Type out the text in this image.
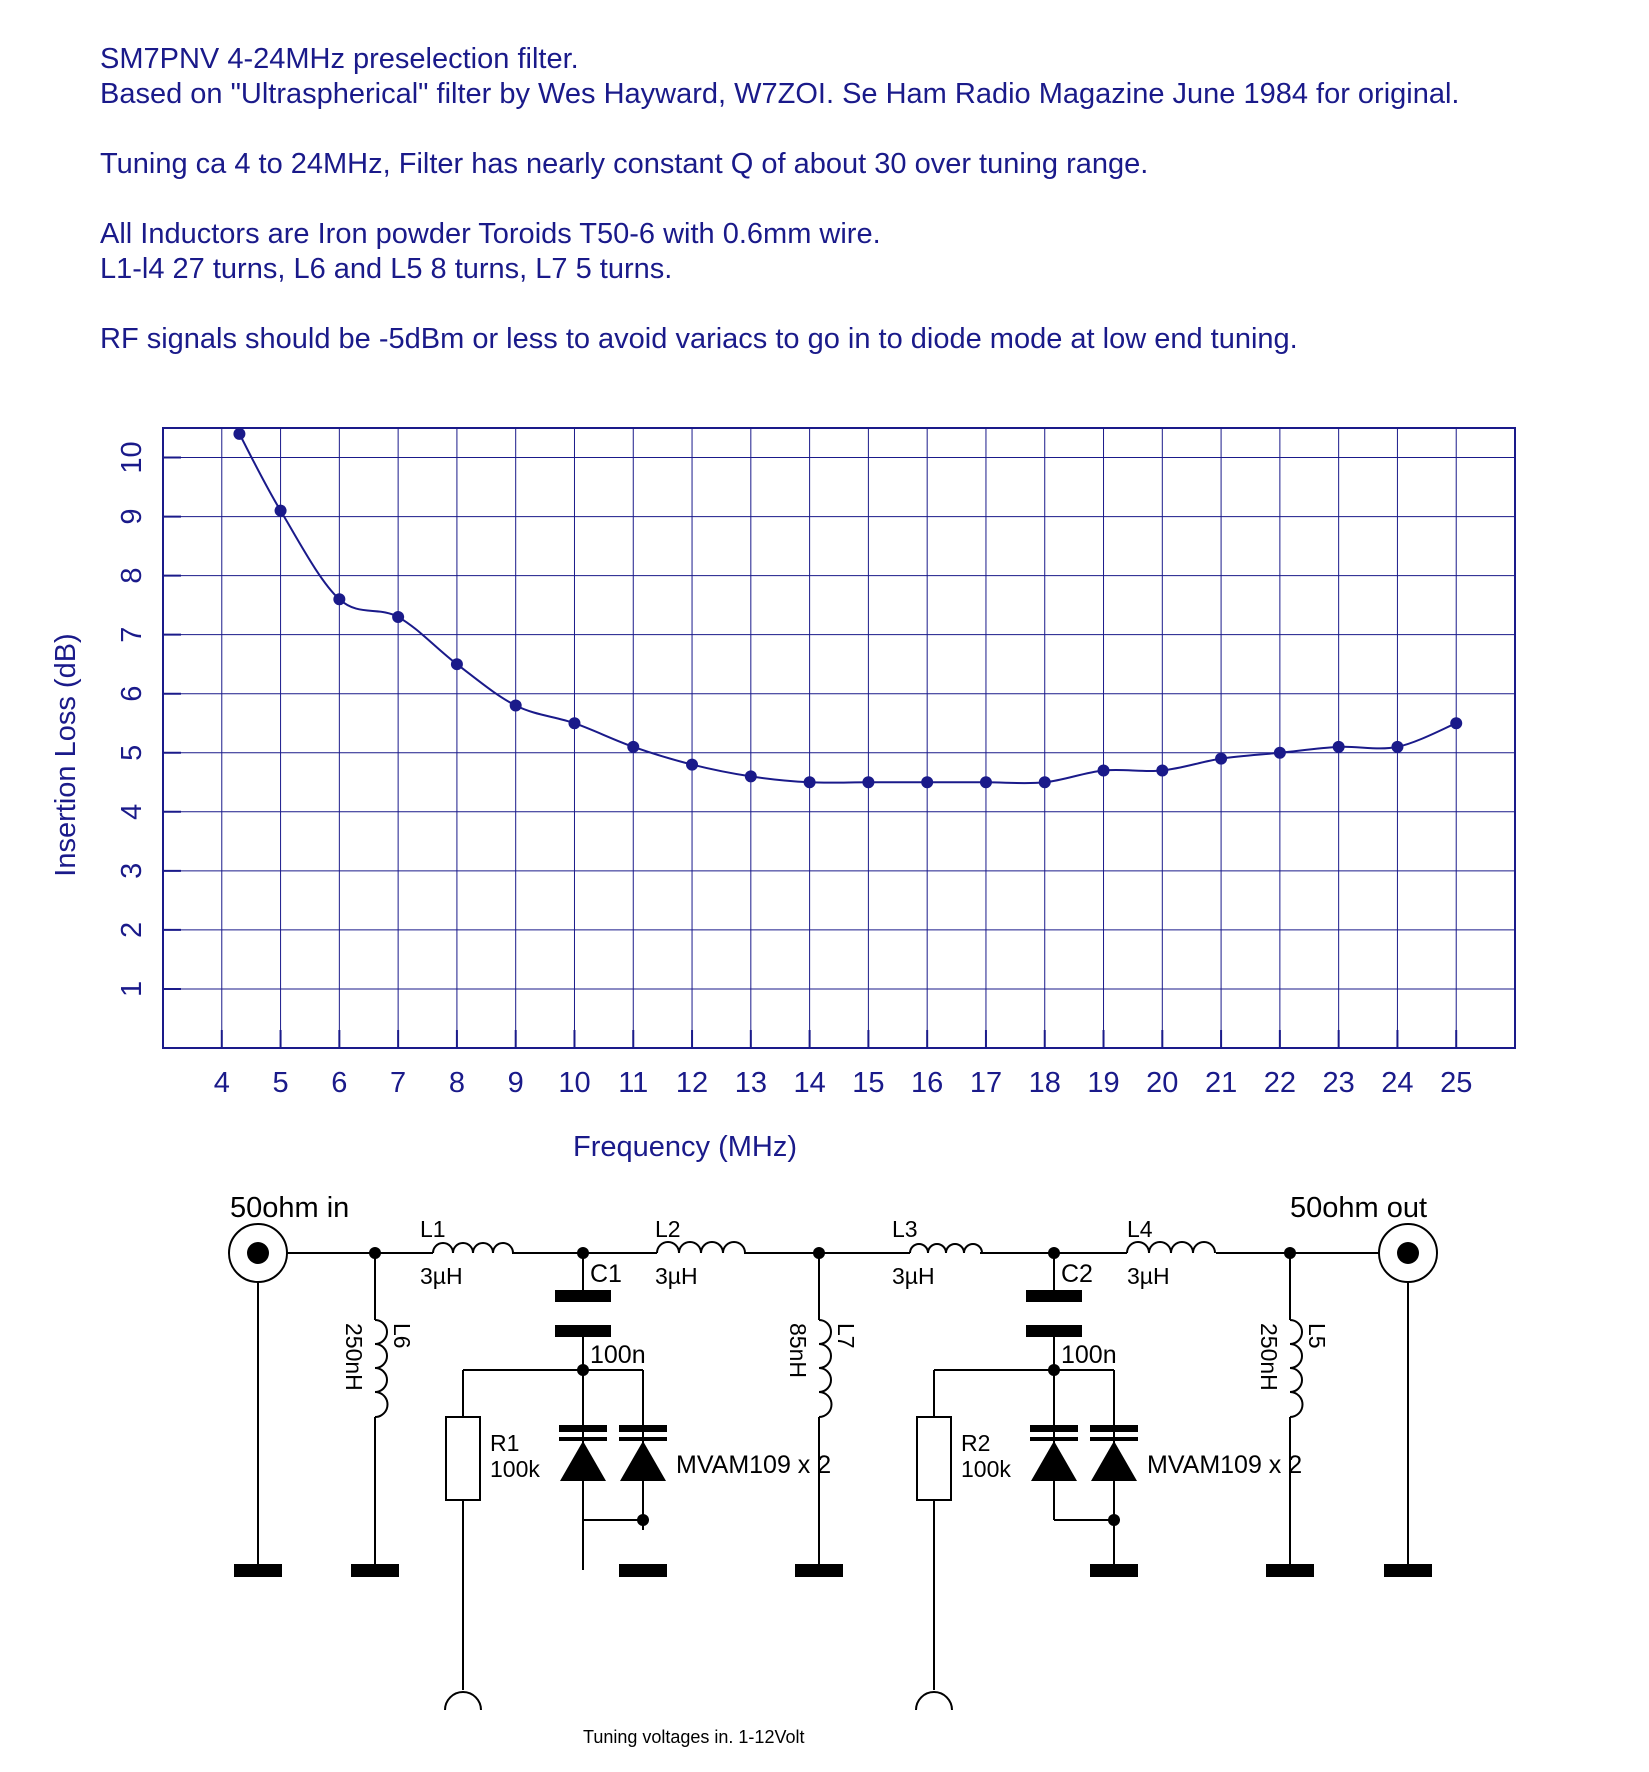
SM7PNV 4-24MHz preselection filter.
Based on "Ultraspherical" filter by Wes Hayward, W7ZOI. Se Ham Radio Magazine June 1984 for original.
Tuning ca 4 to 24MHz, Filter has nearly constant Q of about 30 over tuning range.
All Inductors are Iron powder Toroids T50-6 with 0.6mm wire.
L1-l4 27 turns, L6 and L5 8 turns, L7 5 turns.
RF signals should be -5dBm or less to avoid variacs to go in to diode mode at low end tuning.
4 5 6 7 8 9 10 11 12 13 14 15 16 17 18 19 20 21 22 23 24 25
1
2
3
4
5
6
7
8
9
10
Frequency (MHz)
Insertion Loss (dB)
50ohm in	50ohm out
L1
3µH
L2
3µH
L3
3µH
L4
3µH
C1
100n
C2
100n
R1
100k
R2
100k
MVAM109 x 2	MVAM109 x 2
L6
250nH	L7
85nH	L5
250nH
Tuning voltages in. 1-12Volt
